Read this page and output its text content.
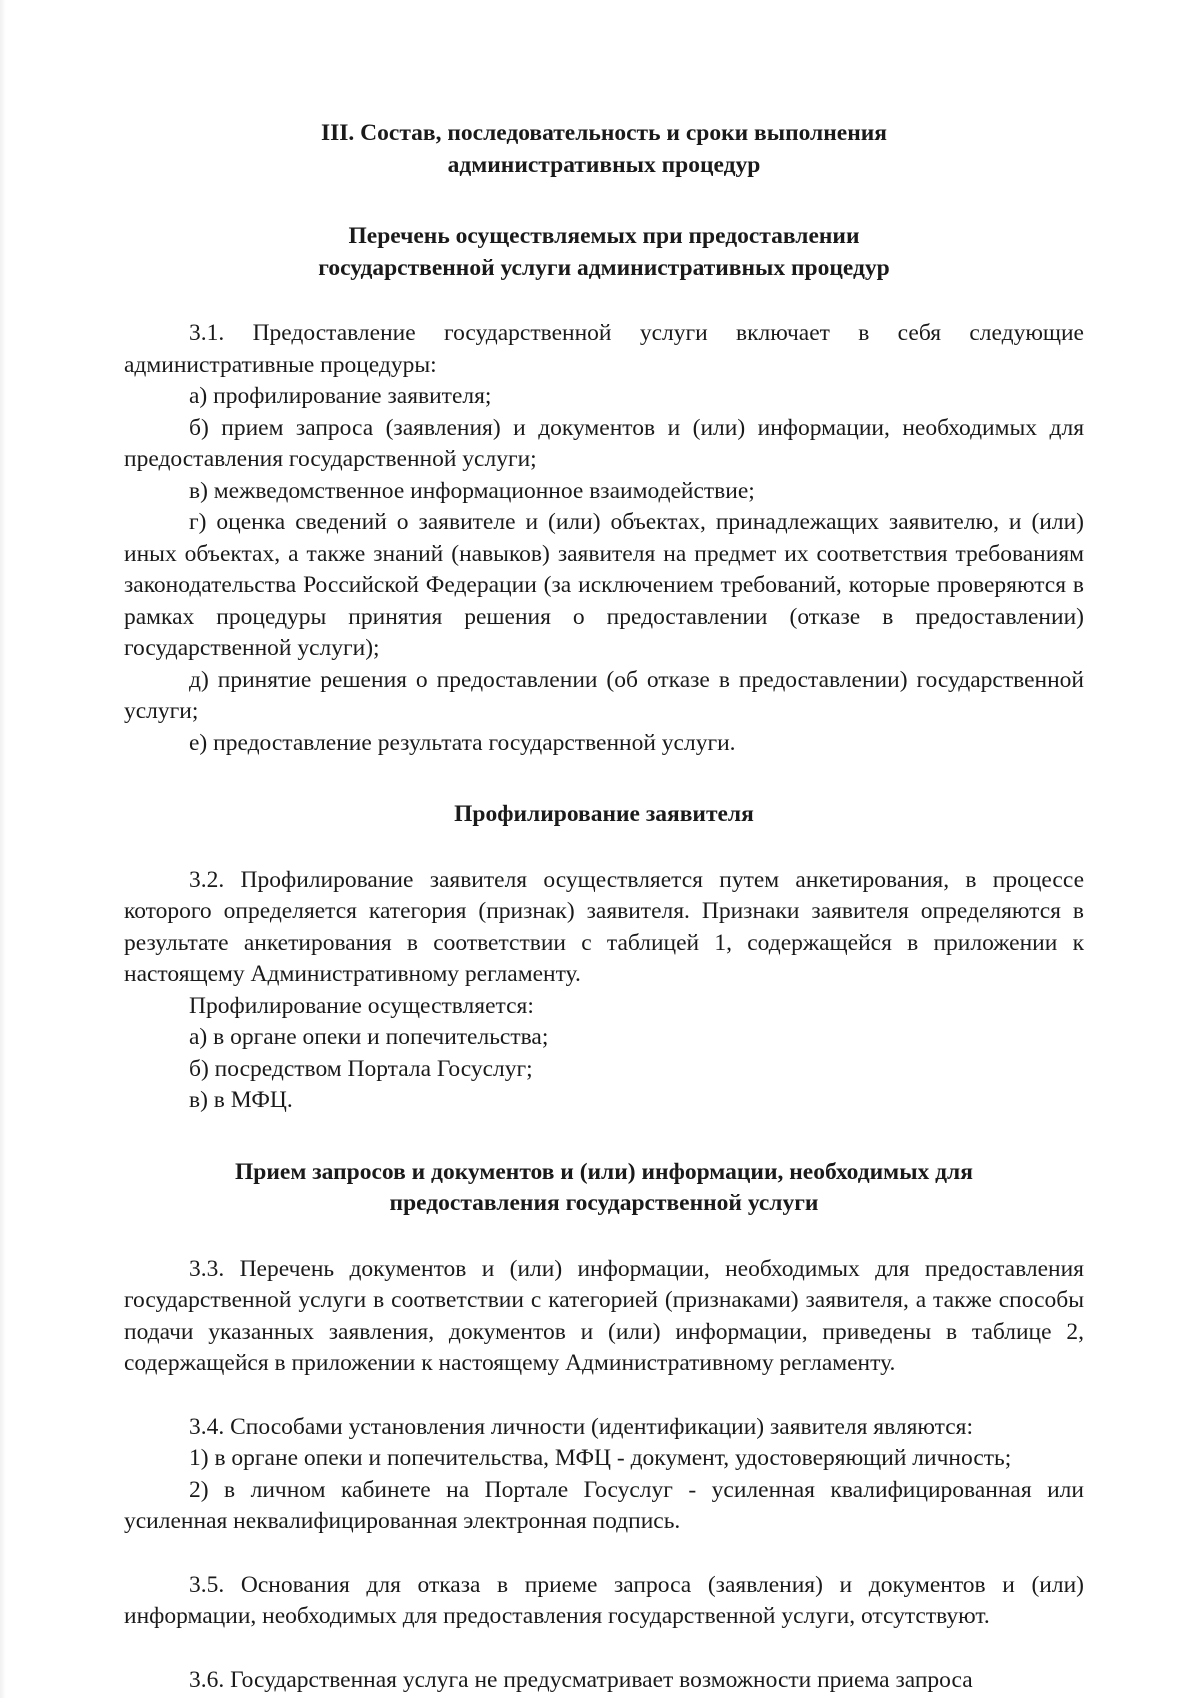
III. Состав, последовательность и сроки выполнения

административных процедур

Перечень осуществляемых при предоставлении

государственной услуги административных процедур

3.1. Предоставление государственной услуги включает в себя следующие административные процедуры:

а) профилирование заявителя;

б) прием запроса (заявления) и документов и (или) информации, необходимых для предоставления государственной услуги;

в) межведомственное информационное взаимодействие;

г) оценка сведений о заявителе и (или) объектах, принадлежащих заявителю, и (или) иных объектах, а также знаний (навыков) заявителя на предмет их соответствия требованиям законодательства Российской Федерации (за исключением требований, которые проверяются в рамках процедуры принятия решения о предоставлении (отказе в предоставлении) государственной услуги);

д) принятие решения о предоставлении (об отказе в предоставлении) государственной услуги;

е) предоставление результата государственной услуги.

Профилирование заявителя

3.2. Профилирование заявителя осуществляется путем анкетирования, в процессе которого определяется категория (признак) заявителя. Признаки заявителя определяются в результате анкетирования в соответствии с таблицей 1, содержащейся в приложении к настоящему Административному регламенту.

Профилирование осуществляется:

а) в органе опеки и попечительства;

б) посредством Портала Госуслуг;

в) в МФЦ.

Прием запросов и документов и (или) информации, необходимых для

предоставления государственной услуги

3.3. Перечень документов и (или) информации, необходимых для предоставления государственной услуги в соответствии с категорией (признаками) заявителя, а также способы подачи указанных заявления, документов и (или) информации, приведены в таблице 2, содержащейся в приложении к настоящему Административному регламенту.

3.4. Способами установления личности (идентификации) заявителя являются:

1) в органе опеки и попечительства, МФЦ - документ, удостоверяющий личность;

2) в личном кабинете на Портале Госуслуг - усиленная квалифицированная или усиленная неквалифицированная электронная подпись.

3.5. Основания для отказа в приеме запроса (заявления) и документов и (или) информации, необходимых для предоставления государственной услуги, отсутствуют.

3.6. Государственная услуга не предусматривает возможности приема запроса
